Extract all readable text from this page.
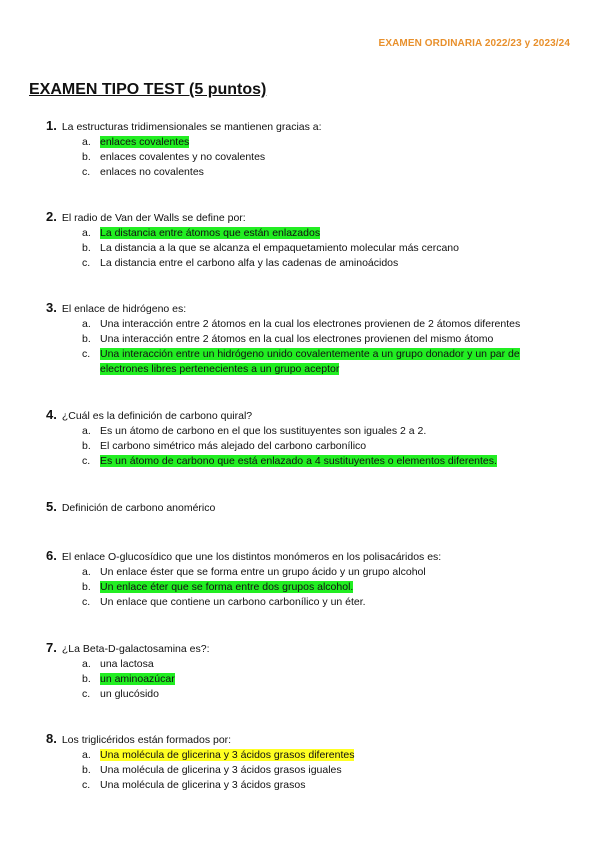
EXAMEN ORDINARIA 2022/23 y 2023/24
EXAMEN TIPO TEST (5 puntos)
1. La estructuras tridimensionales se mantienen gracias a:
a. enlaces covalentes
b. enlaces covalentes y no covalentes
c. enlaces no covalentes
2. El radio de Van der Walls se define por:
a. La distancia entre átomos que están enlazados
b. La distancia a la que se alcanza el empaquetamiento molecular más cercano
c. La distancia entre el carbono alfa y las cadenas de aminoácidos
3. El enlace de hidrógeno es:
a. Una interacción entre 2 átomos en la cual los electrones provienen de 2 átomos diferentes
b. Una interacción entre 2 átomos en la cual los electrones provienen del mismo átomo
c. Una interacción entre un hidrógeno unido covalentemente a un grupo donador y un par de electrones libres pertenecientes a un grupo aceptor
4. ¿Cuál es la definición de carbono quiral?
a. Es un átomo de carbono en el que los sustituyentes son iguales 2 a 2.
b. El carbono simétrico más alejado del carbono carbonílico
c. Es un átomo de carbono que está enlazado a 4 sustituyentes o elementos diferentes.
5. Definición de carbono anomérico
6. El enlace O-glucosídico que une los distintos monómeros en los polisacáridos es:
a. Un enlace éster que se forma entre un grupo ácido y un grupo alcohol
b. Un enlace éter que se forma entre dos grupos alcohol.
c. Un enlace que contiene un carbono carbonílico y un éter.
7. ¿La Beta-D-galactosamina es?:
a. una lactosa
b. un aminoazúcar
c. un glucósido
8. Los triglicéridos están formados por:
a. Una molécula de glicerina y 3 ácidos grasos diferentes
b. Una molécula de glicerina y 3 ácidos grasos iguales
c. Una molécula de glicerina y 3 ácidos grasos
